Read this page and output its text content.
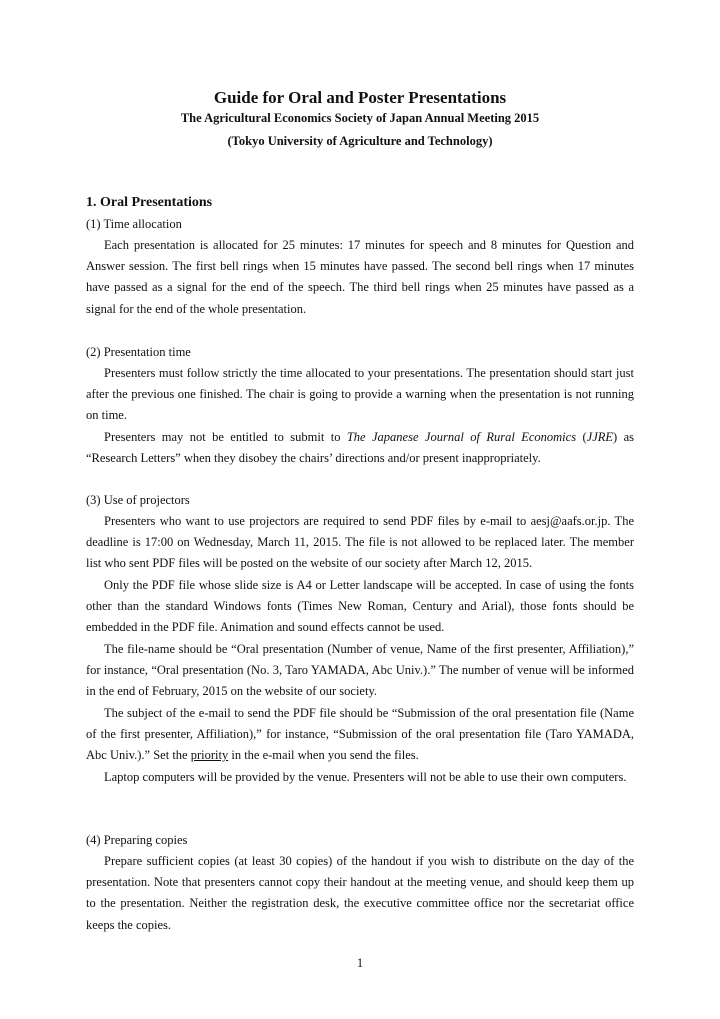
Guide for Oral and Poster Presentations
The Agricultural Economics Society of Japan Annual Meeting 2015
(Tokyo University of Agriculture and Technology)
1. Oral Presentations
(1) Time allocation

Each presentation is allocated for 25 minutes: 17 minutes for speech and 8 minutes for Question and Answer session. The first bell rings when 15 minutes have passed. The second bell rings when 17 minutes have passed as a signal for the end of the speech. The third bell rings when 25 minutes have passed as a signal for the end of the whole presentation.

(2) Presentation time

Presenters must follow strictly the time allocated to your presentations. The presentation should start just after the previous one finished. The chair is going to provide a warning when the presentation is not running on time.

Presenters may not be entitled to submit to The Japanese Journal of Rural Economics (JJRE) as “Research Letters” when they disobey the chairs’ directions and/or present inappropriately.

(3) Use of projectors

Presenters who want to use projectors are required to send PDF files by e-mail to aesj@aafs.or.jp. The deadline is 17:00 on Wednesday, March 11, 2015. The file is not allowed to be replaced later. The member list who sent PDF files will be posted on the website of our society after March 12, 2015.

Only the PDF file whose slide size is A4 or Letter landscape will be accepted. In case of using the fonts other than the standard Windows fonts (Times New Roman, Century and Arial), those fonts should be embedded in the PDF file. Animation and sound effects cannot be used.

The file-name should be “Oral presentation (Number of venue, Name of the first presenter, Affiliation),” for instance, “Oral presentation (No. 3, Taro YAMADA, Abc Univ.).” The number of venue will be informed in the end of February, 2015 on the website of our society.

The subject of the e-mail to send the PDF file should be “Submission of the oral presentation file (Name of the first presenter, Affiliation),” for instance, “Submission of the oral presentation file (Taro YAMADA, Abc Univ.).” Set the priority in the e-mail when you send the files.

Laptop computers will be provided by the venue. Presenters will not be able to use their own computers.

(4) Preparing copies

Prepare sufficient copies (at least 30 copies) of the handout if you wish to distribute on the day of the presentation. Note that presenters cannot copy their handout at the meeting venue, and should keep them up to the presentation. Neither the registration desk, the executive committee office nor the secretariat office keeps the copies.

1
